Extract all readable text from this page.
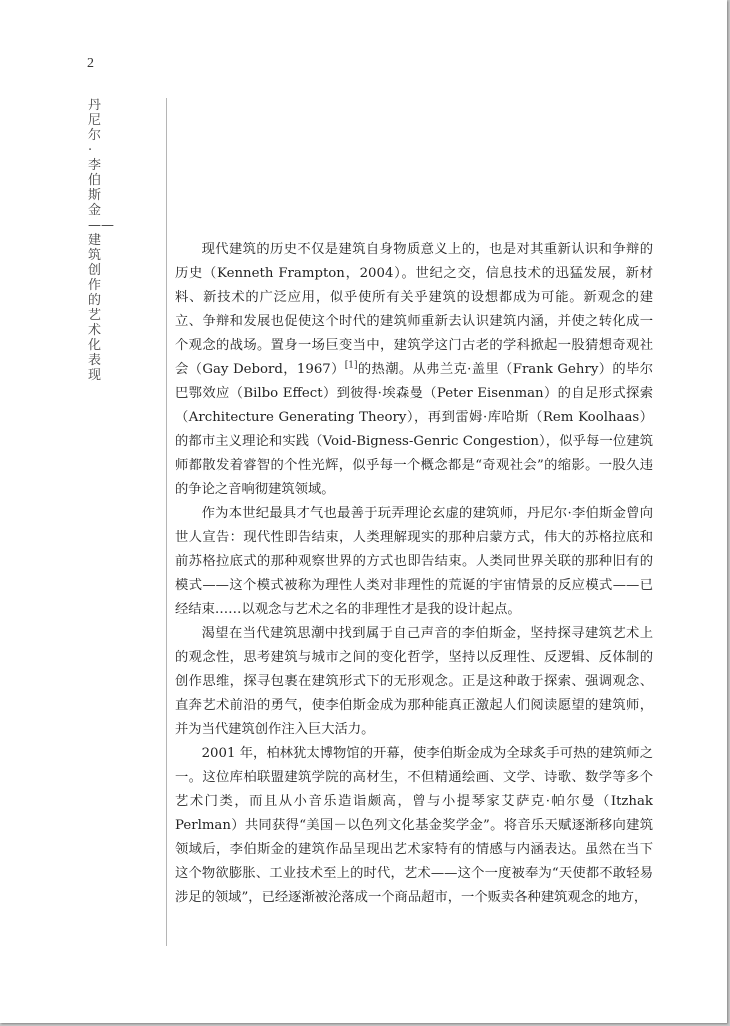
2
丹尼尔·李伯斯金——建筑创作的艺术化表现

现代建筑的历史不仅是建筑自身物质意义上的，也是对其重新认识和争辩的历史（Kenneth Frampton，2004）。世纪之交，信息技术的迅猛发展，新材料、新技术的广泛应用，似乎使所有关乎建筑的设想都成为可能。新观念的建立、争辩和发展也促使这个时代的建筑师重新去认识建筑内涵，并使之转化成一个观念的战场。置身一场巨变当中，建筑学这门古老的学科掀起一股猜想奇观社会（Gay Debord，1967）[1]的热潮。从弗兰克·盖里（Frank Gehry）的毕尔巴鄂效应（Bilbo Effect）到彼得·埃森曼（Peter Eisenman）的自足形式探索（Architecture Generating Theory），再到雷姆·库哈斯（Rem Koolhaas）的都市主义理论和实践（Void-Bigness-Genric Congestion），似乎每一位建筑师都散发着睿智的个性光辉，似乎每一个概念都是“奇观社会”的缩影。一股久违的争论之音响彻建筑领域。

作为本世纪最具才气也最善于玩弄理论玄虚的建筑师，丹尼尔·李伯斯金曾向世人宣告：现代性即告结束，人类理解现实的那种启蒙方式，伟大的苏格拉底和前苏格拉底式的那种观察世界的方式也即告结束。人类同世界关联的那种旧有的模式——这个模式被称为理性人类对非理性的荒诞的宇宙情景的反应模式——已经结束……以观念与艺术之名的非理性才是我的设计起点。

渴望在当代建筑思潮中找到属于自己声音的李伯斯金，坚持探寻建筑艺术上的观念性，思考建筑与城市之间的变化哲学，坚持以反理性、反逻辑、反体制的创作思维，探寻包裹在建筑形式下的无形观念。正是这种敢于探索、强调观念、直奔艺术前沿的勇气，使李伯斯金成为那种能真正激起人们阅读愿望的建筑师，并为当代建筑创作注入巨大活力。

2001 年，柏林犹太博物馆的开幕，使李伯斯金成为全球炙手可热的建筑师之一。这位库柏联盟建筑学院的高材生，不但精通绘画、文学、诗歌、数学等多个艺术门类，而且从小音乐造诣颇高，曾与小提琴家艾萨克·帕尔曼（Itzhak Perlman）共同获得“美国－以色列文化基金奖学金”。将音乐天赋逐渐移向建筑领域后，李伯斯金的建筑作品呈现出艺术家特有的情感与内涵表达。虽然在当下这个物欲膨胀、工业技术至上的时代，艺术——这个一度被奉为“天使都不敢轻易涉足的领域”，已经逐渐被沦落成一个商品超市，一个贩卖各种建筑观念的地方，
